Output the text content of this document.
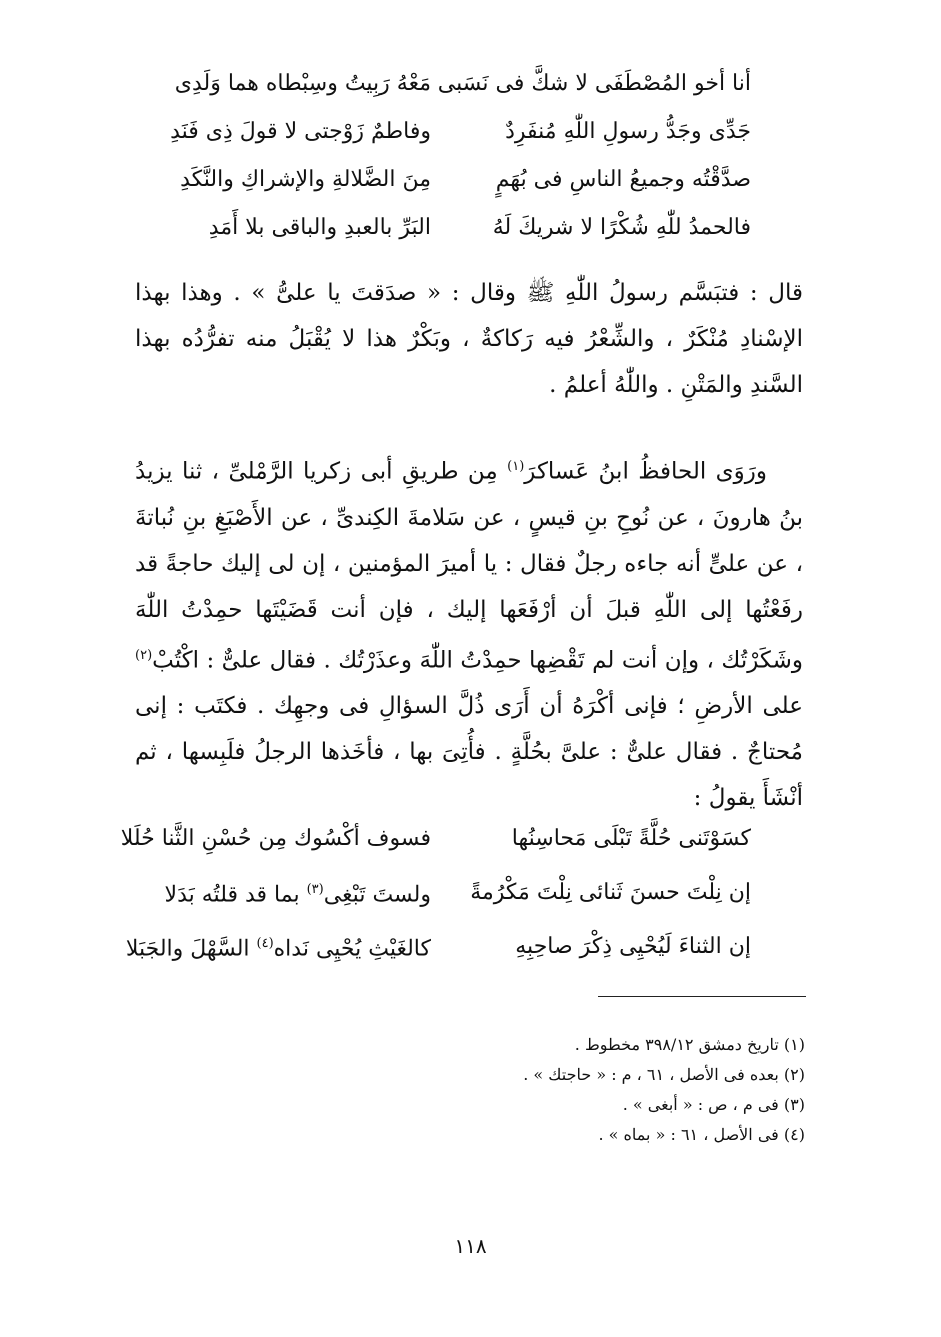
أنا أخو المُصْطَفَى لا شكَّ فى نَسَبى
مَعْهُ رَبِيتُ وسِبْطاه هما وَلَدِى
جَدِّى وجَدُّ رسولِ اللّٰهِ مُنفَرِدٌ
وفاطمٌ زَوْجتى لا قولَ ذِى فَنَدِ
صدَّقْتُه وجميعُ الناسِ فى بُهَمٍ
مِنَ الضَّلالةِ والإشراكِ والنَّكَدِ
فالحمدُ للّٰهِ شُكْرًا لا شريكَ لَهُ
البَرِّ بالعبدِ والباقى بلا أَمَدِ

قال : فتبَسَّم رسولُ اللّٰهِ ﷺ وقال : « صدَقتَ يا علىُّ » . وهذا بهذا الإسْنادِ مُنْكَرٌ ، والشِّعْرُ فيه رَكاكةٌ ، وبَكْرٌ هذا لا يُقْبَلُ منه تفرُّدُه بهذا السَّندِ والمَتْنِ . واللّٰهُ أعلمُ .

ورَوَى الحافظُ ابنُ عَساكرَ$^{(١)}$ مِن طريقِ أبى زكريا الرَّمْلىِّ ، ثنا يزيدُ بنُ هارونَ ، عن نُوحِ بنِ قيسٍ ، عن سَلامةَ الكِندىِّ ، عن الأَصْبَغِ بنِ نُباتةَ ، عن علىٍّ أنه جاءه رجلٌ فقال : يا أميرَ المؤمنين ، إن لى إليك حاجةً قد رفَعْتُها إلى اللّٰهِ قبلَ أن أرْفَعَها إليك ، فإن أنت قَضَيْتَها حمِدْتُ اللّٰهَ وشَكَرْتُك ، وإن أنت لم تَقْضِها حمِدْتُ اللّٰهَ وعذَرْتُك . فقال علىٌّ : اكْتُبْ$^{(٢)}$ على الأرضِ ؛ فإنى أكْرَهُ أن أَرَى ذُلَّ السؤالِ فى وجهِك . فكتَب : إنى مُحتاجٌ . فقال علىٌّ : علىَّ بحُلَّةٍ . فأُتِىَ بها ، فأخَذها الرجلُ فلَبِسها ، ثم أنْشَأَ يقولُ :

كسَوْتَنى حُلَّةً تَبْلَى مَحاسِنُها
فسوف أكْسُوك مِن حُسْنِ الثَّنا حُلَلا
إن نِلْتَ حسنَ ثَنائى نِلْتَ مَكْرُمةً
ولستَ تَبْغِى$^{(٣)}$ بما قد قلتُه بَدَلا
إن الثناءَ لَيُحْيِى ذِكْرَ صاحِبِهِ
كالغَيْثِ يُحْيِى نَداه$^{(٤)}$ السَّهْلَ والجَبَلا
(١) تاريخ دمشق ٣٩٨/١٢ مخطوط .
(٢) بعده فى الأصل ، ٦١ ، م : « حاجتك » .
(٣) فى م ، ص : « أبغى » .
(٤) فى الأصل ، ٦١ : « بماه » .
١١٨
